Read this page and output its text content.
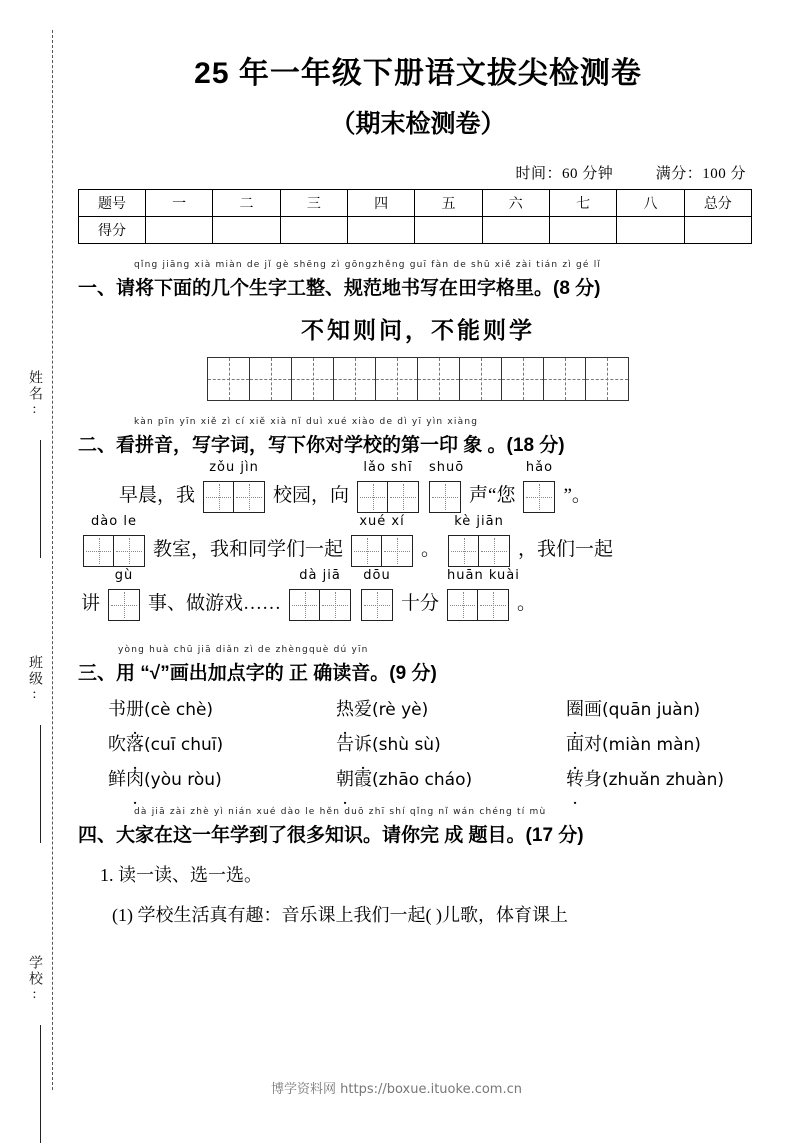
姓名:
班级:
学校:
25 年一年级下册语文拔尖检测卷
（期末检测卷）
时间：60 分钟	满分：100 分
题号	一	二	三	四	五	六	七	八	总分
得分									
qǐng jiāng xià miàn de jǐ gè shēng zì gōngzhěng guī fàn de shū xiě zài tián zì gé lǐ
一、请将下面的几个生字工整、规范地书写在田字格里。(8 分)
不知则问，不能则学
kàn pīn yīn xiě zì cí xiě xià nǐ duì xué xiào de dì yī yìn xiàng
二、看拼音，写字词，写下你对学校的第一印 象 。(18 分)
早晨，我
zǒu jìn
校园，向
lǎo shī	shuō
声“您
hǎo
”。
dào le
教室，我和同学们一起
xué xí
。
kè jiān
，我们一起
讲
gù
事、做游戏……
dà jiā	dōu
十分
huān kuài
。
yòng huà chū jiā diǎn zì de zhèngquè dú yīn
三、用 “√”画出加点字的 正 确读音。(9 分)
书册(cè chè)	热爱(rè yè)	圈画(quān juàn)
吹落(cuī chuī)	告诉(shù sù)	面对(miàn màn)
鲜肉(yòu ròu)	朝霞(zhāo cháo)	转身(zhuǎn zhuàn)
dà jiā zài zhè yì nián xué dào le hěn duō zhī shí qǐng nǐ wán chéng tí mù
四、大家在这一年学到了很多知识。请你完 成 题目。(17 分)
1. 读一读、选一选。
(1) 学校生活真有趣：音乐课上我们一起( )儿歌，体育课上
博学资料网 https://boxue.ituoke.com.cn
